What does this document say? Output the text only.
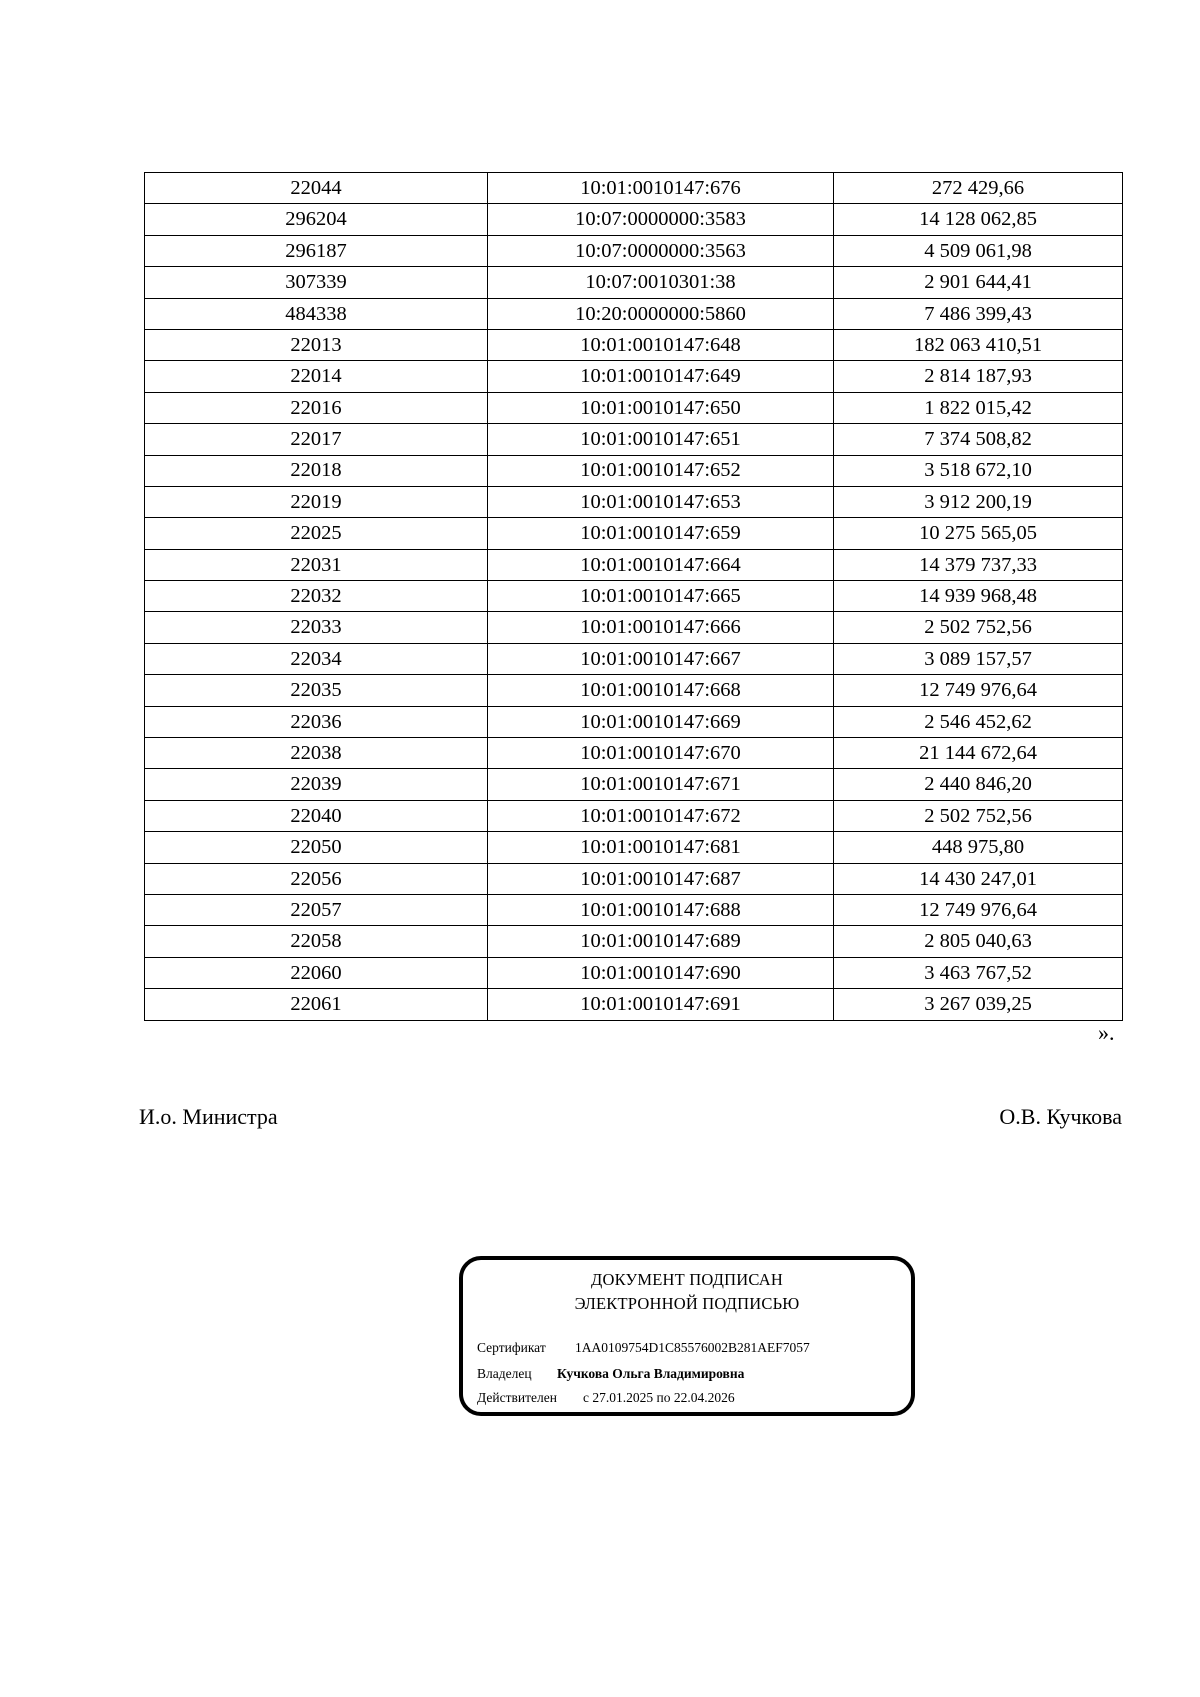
22044	10:01:0010147:676	272 429,66
296204	10:07:0000000:3583	14 128 062,85
296187	10:07:0000000:3563	4 509 061,98
307339	10:07:0010301:38	2 901 644,41
484338	10:20:0000000:5860	7 486 399,43
22013	10:01:0010147:648	182 063 410,51
22014	10:01:0010147:649	2 814 187,93
22016	10:01:0010147:650	1 822 015,42
22017	10:01:0010147:651	7 374 508,82
22018	10:01:0010147:652	3 518 672,10
22019	10:01:0010147:653	3 912 200,19
22025	10:01:0010147:659	10 275 565,05
22031	10:01:0010147:664	14 379 737,33
22032	10:01:0010147:665	14 939 968,48
22033	10:01:0010147:666	2 502 752,56
22034	10:01:0010147:667	3 089 157,57
22035	10:01:0010147:668	12 749 976,64
22036	10:01:0010147:669	2 546 452,62
22038	10:01:0010147:670	21 144 672,64
22039	10:01:0010147:671	2 440 846,20
22040	10:01:0010147:672	2 502 752,56
22050	10:01:0010147:681	448 975,80
22056	10:01:0010147:687	14 430 247,01
22057	10:01:0010147:688	12 749 976,64
22058	10:01:0010147:689	2 805 040,63
22060	10:01:0010147:690	3 463 767,52
22061	10:01:0010147:691	3 267 039,25
».
И.о. Министра	О.В. Кучкова
ДОКУМЕНТ ПОДПИСАН
ЭЛЕКТРОННОЙ ПОДПИСЬЮ
Сертификат 1AA0109754D1C85576002B281AEF7057
Владелец Кучкова Ольга Владимировна
Действителен с 27.01.2025 по 22.04.2026
